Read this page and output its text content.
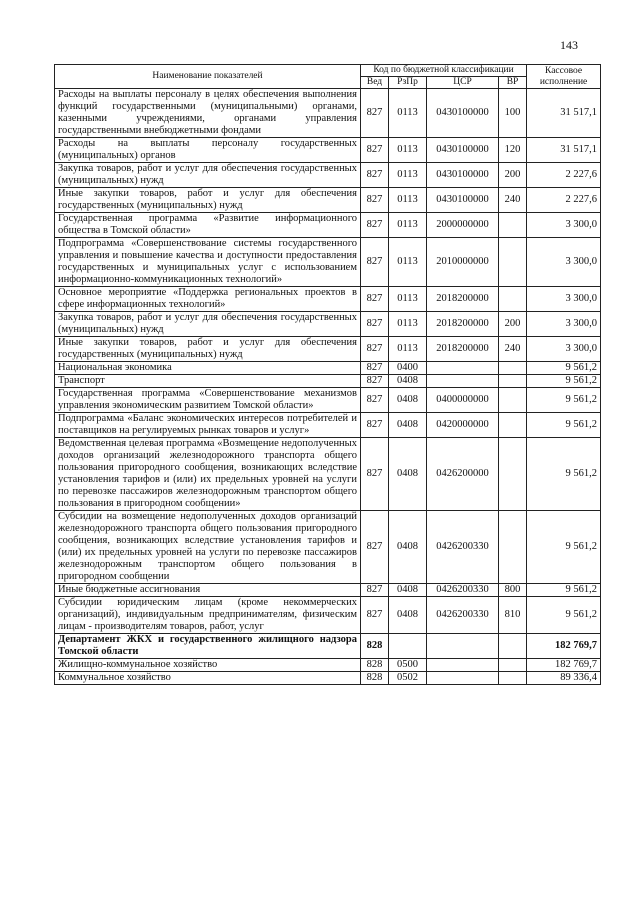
143
Наименование показателей	Код по бюджетной классификации				Кассовое исполнение
	Вед	РзПр	ЦСР	ВР	
Расходы на выплаты персоналу в целях обеспечения выполнения функций государственными (муниципальными) органами, казенными учреждениями, органами управления государственными внебюджетными фондами	827	0113	0430100000	100	31 517,1
Расходы на выплаты персоналу государственных (муниципальных) органов	827	0113	0430100000	120	31 517,1
Закупка товаров, работ и услуг для обеспечения государственных (муниципальных) нужд	827	0113	0430100000	200	2 227,6
Иные закупки товаров, работ и услуг для обеспечения государственных (муниципальных) нужд	827	0113	0430100000	240	2 227,6
Государственная программа «Развитие информационного общества в Томской области»	827	0113	2000000000		3 300,0
Подпрограмма «Совершенствование системы государственного управления и повышение качества и доступности предоставления государственных и муниципальных услуг с использованием информационно-коммуникационных технологий»	827	0113	2010000000		3 300,0
Основное мероприятие «Поддержка региональных проектов в сфере информационных технологий»	827	0113	2018200000		3 300,0
Закупка товаров, работ и услуг для обеспечения государственных (муниципальных) нужд	827	0113	2018200000	200	3 300,0
Иные закупки товаров, работ и услуг для обеспечения государственных (муниципальных) нужд	827	0113	2018200000	240	3 300,0
Национальная экономика	827	0400			9 561,2
Транспорт	827	0408			9 561,2
Государственная программа «Совершенствование механизмов управления экономическим развитием Томской области»	827	0408	0400000000		9 561,2
Подпрограмма «Баланс экономических интересов потребителей и поставщиков на регулируемых рынках товаров и услуг»	827	0408	0420000000		9 561,2
Ведомственная целевая программа «Возмещение недополученных доходов организаций железнодорожного транспорта общего пользования пригородного сообщения, возникающих вследствие установления тарифов и (или) их предельных уровней на услуги по перевозке пассажиров железнодорожным транспортом общего пользования в пригородном сообщении»	827	0408	0426200000		9 561,2
Субсидии на возмещение недополученных доходов организаций железнодорожного транспорта общего пользования пригородного сообщения, возникающих вследствие установления тарифов и (или) их предельных уровней на услуги по перевозке пассажиров железнодорожным транспортом общего пользования в пригородном сообщении	827	0408	0426200330		9 561,2
Иные бюджетные ассигнования	827	0408	0426200330	800	9 561,2
Субсидии юридическим лицам (кроме некоммерческих организаций), индивидуальным предпринимателям, физическим лицам - производителям товаров, работ, услуг	827	0408	0426200330	810	9 561,2
Департамент ЖКХ и государственного жилищного надзора Томской области	828				182 769,7
Жилищно-коммунальное хозяйство	828	0500			182 769,7
Коммунальное хозяйство	828	0502			89 336,4
